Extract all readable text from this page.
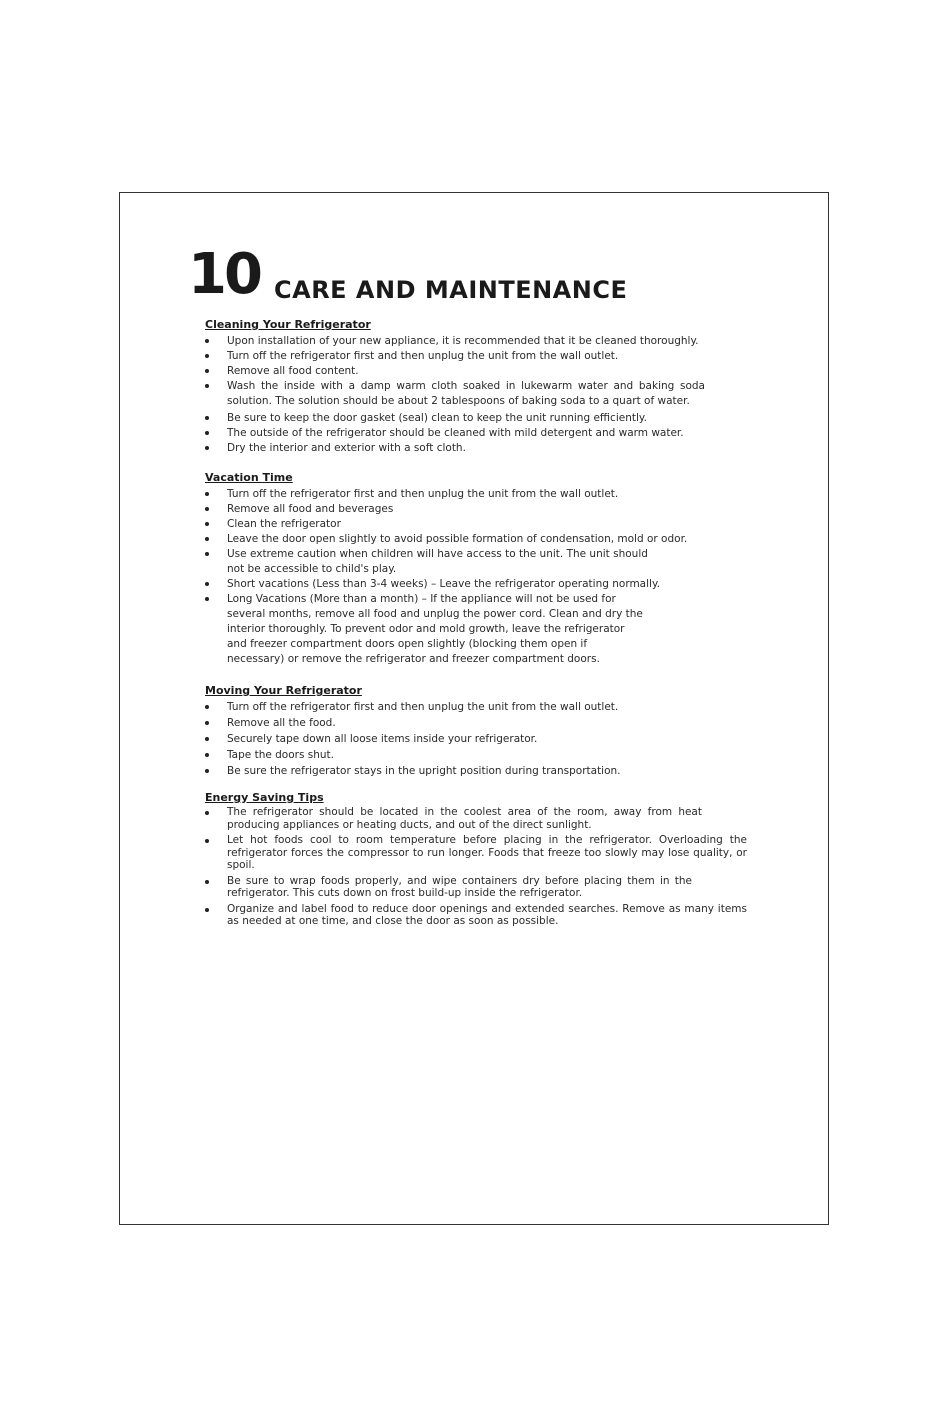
10 CARE AND MAINTENANCE
Cleaning Your Refrigerator
Upon installation of your new appliance, it is recommended that it be cleaned thoroughly.
Turn off the refrigerator first and then unplug the unit from the wall outlet.
Remove all food content.
Wash the inside with a damp warm cloth soaked in lukewarm water and baking soda solution. The solution should be about 2 tablespoons of baking soda to a quart of water.
Be sure to keep the door gasket (seal) clean to keep the unit running efficiently.
The outside of the refrigerator should be cleaned with mild detergent and warm water.
Dry the interior and exterior with a soft cloth.
Vacation Time
Turn off the refrigerator first and then unplug the unit from the wall outlet.
Remove all food and beverages
Clean the refrigerator
Leave the door open slightly to avoid possible formation of condensation, mold or odor.
Use extreme caution when children will have access to the unit. The unit should not be accessible to child's play.
Short vacations (Less than 3-4 weeks) – Leave the refrigerator operating normally.
Long Vacations (More than a month) – If the appliance will not be used for several months, remove all food and unplug the power cord. Clean and dry the interior thoroughly. To prevent odor and mold growth, leave the refrigerator and freezer compartment doors open slightly (blocking them open if necessary) or remove the refrigerator and freezer compartment doors.
Moving Your Refrigerator
Turn off the refrigerator first and then unplug the unit from the wall outlet.
Remove all the food.
Securely tape down all loose items inside your refrigerator.
Tape the doors shut.
Be sure the refrigerator stays in the upright position during transportation.
Energy Saving Tips
The refrigerator should be located in the coolest area of the room, away from heat producing appliances or heating ducts, and out of the direct sunlight.
Let hot foods cool to room temperature before placing in the refrigerator. Overloading the refrigerator forces the compressor to run longer. Foods that freeze too slowly may lose quality, or spoil.
Be sure to wrap foods properly, and wipe containers dry before placing them in the refrigerator. This cuts down on frost build-up inside the refrigerator.
Organize and label food to reduce door openings and extended searches. Remove as many items as needed at one time, and close the door as soon as possible.
